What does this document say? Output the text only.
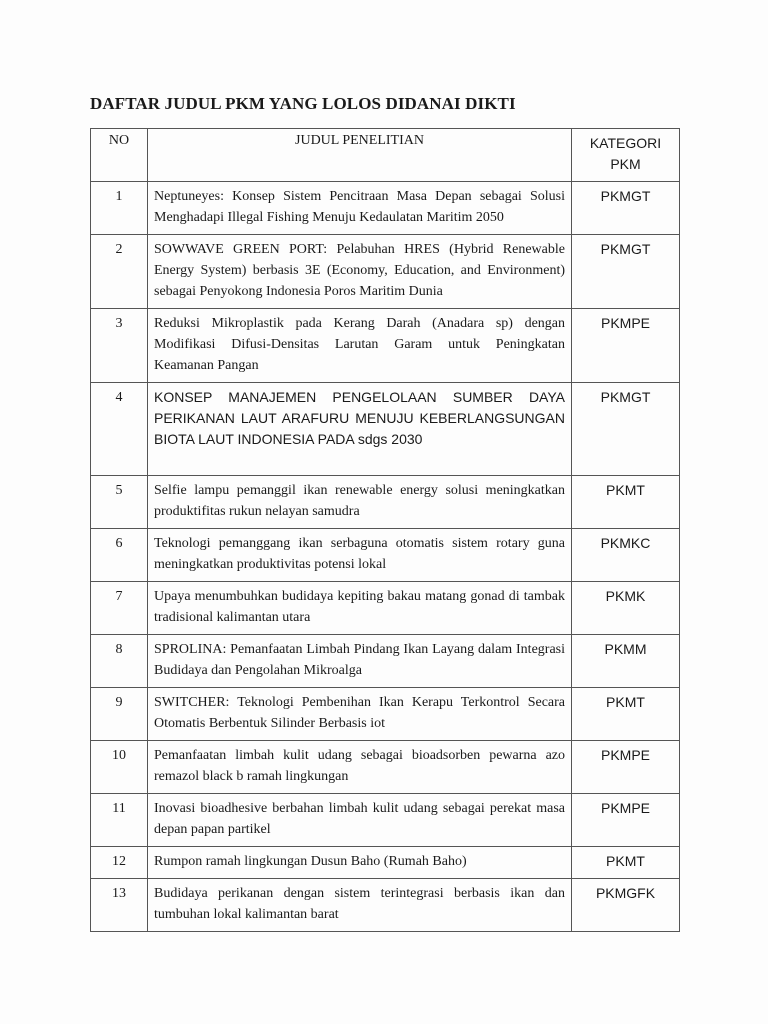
DAFTAR JUDUL PKM YANG LOLOS DIDANAI DIKTI
NO	JUDUL PENELITIAN	KATEGORI
PKM
1	Neptuneyes: Konsep Sistem Pencitraan Masa Depan sebagai Solusi Menghadapi Illegal Fishing Menuju Kedaulatan Maritim 2050	PKMGT
2	SOWWAVE GREEN PORT: Pelabuhan HRES (Hybrid Renewable Energy System) berbasis 3E (Economy, Education, and Environment) sebagai Penyokong Indonesia Poros Maritim Dunia	PKMGT
3	Reduksi Mikroplastik pada Kerang Darah (Anadara sp) dengan Modifikasi Difusi-Densitas Larutan Garam untuk Peningkatan Keamanan Pangan	PKMPE
4	KONSEP MANAJEMEN PENGELOLAAN SUMBER DAYA PERIKANAN LAUT ARAFURU MENUJU KEBERLANGSUNGAN BIOTA LAUT INDONESIA PADA sdgs 2030	PKMGT
5	Selfie lampu pemanggil ikan renewable energy solusi meningkatkan produktifitas rukun nelayan samudra	PKMT
6	Teknologi pemanggang ikan serbaguna otomatis sistem rotary guna meningkatkan produktivitas potensi lokal	PKMKC
7	Upaya menumbuhkan budidaya kepiting bakau matang gonad di tambak tradisional kalimantan utara	PKMK
8	SPROLINA: Pemanfaatan Limbah Pindang Ikan Layang dalam Integrasi Budidaya dan Pengolahan Mikroalga	PKMM
9	SWITCHER: Teknologi Pembenihan Ikan Kerapu Terkontrol Secara Otomatis Berbentuk Silinder Berbasis iot	PKMT
10	Pemanfaatan limbah kulit udang sebagai bioadsorben pewarna azo remazol black b ramah lingkungan	PKMPE
11	Inovasi bioadhesive berbahan limbah kulit udang sebagai perekat masa depan papan partikel	PKMPE
12	Rumpon ramah lingkungan Dusun Baho (Rumah Baho)	PKMT
13	Budidaya perikanan dengan sistem terintegrasi berbasis ikan dan tumbuhan lokal kalimantan barat	PKMGFK
